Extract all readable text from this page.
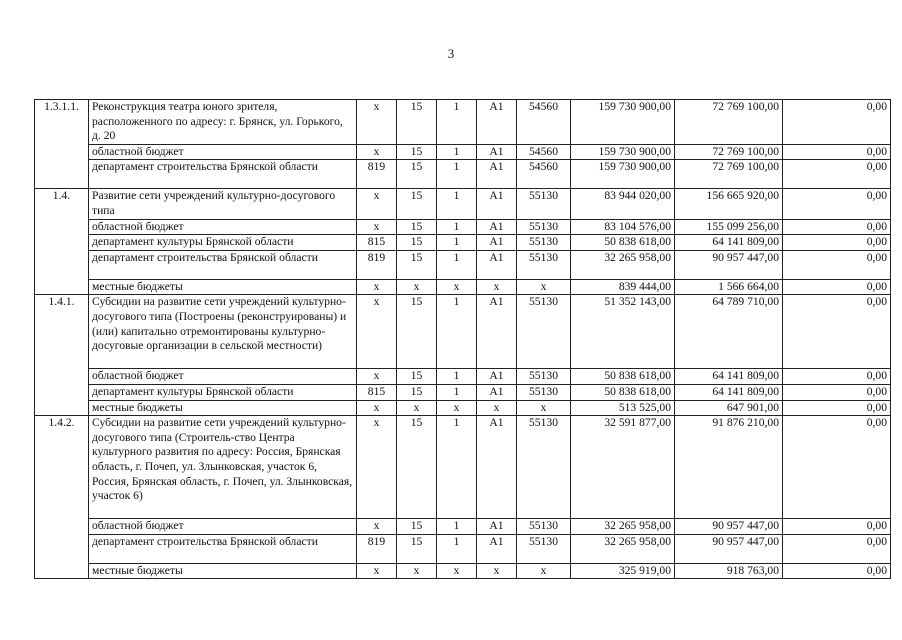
3
1.3.1.1.	Реконструкция театра юного зрителя, расположенного по адресу: г. Брянск, ул. Горького, д. 20	x	15	1	A1	54560	159 730 900,00	72 769 100,00	0,00
	областной бюджет	x	15	1	A1	54560	159 730 900,00	72 769 100,00	0,00
	департамент строительства Брянской области	819	15	1	A1	54560	159 730 900,00	72 769 100,00	0,00
1.4.	Развитие сети учреждений культурно-досугового типа	x	15	1	A1	55130	83 944 020,00	156 665 920,00	0,00
	областной бюджет	x	15	1	A1	55130	83 104 576,00	155 099 256,00	0,00
	департамент культуры Брянской области	815	15	1	A1	55130	50 838 618,00	64 141 809,00	0,00
	департамент строительства Брянской области	819	15	1	A1	55130	32 265 958,00	90 957 447,00	0,00
	местные бюджеты	x	x	x	x	x	839 444,00	1 566 664,00	0,00
1.4.1.	Субсидии на развитие сети учреждений культурно-досугового типа (Построены (реконструированы) и (или) капитально отремонтированы культурно-досуговые организации в сельской местности)	x	15	1	A1	55130	51 352 143,00	64 789 710,00	0,00
	областной бюджет	x	15	1	A1	55130	50 838 618,00	64 141 809,00	0,00
	департамент культуры Брянской области	815	15	1	A1	55130	50 838 618,00	64 141 809,00	0,00
	местные бюджеты	x	x	x	x	x	513 525,00	647 901,00	0,00
1.4.2.	Субсидии на развитие сети учреждений культурно-досугового типа (Строитель-ство Центра культурного развития по адресу: Россия, Брянская область, г. Почеп, ул. Злынковская, участок 6, Россия, Брянская область, г. Почеп, ул. Злынковская, участок 6)	x	15	1	A1	55130	32 591 877,00	91 876 210,00	0,00
	областной бюджет	x	15	1	A1	55130	32 265 958,00	90 957 447,00	0,00
	департамент строительства Брянской области	819	15	1	A1	55130	32 265 958,00	90 957 447,00	0,00
	местные бюджеты	x	x	x	x	x	325 919,00	918 763,00	0,00
